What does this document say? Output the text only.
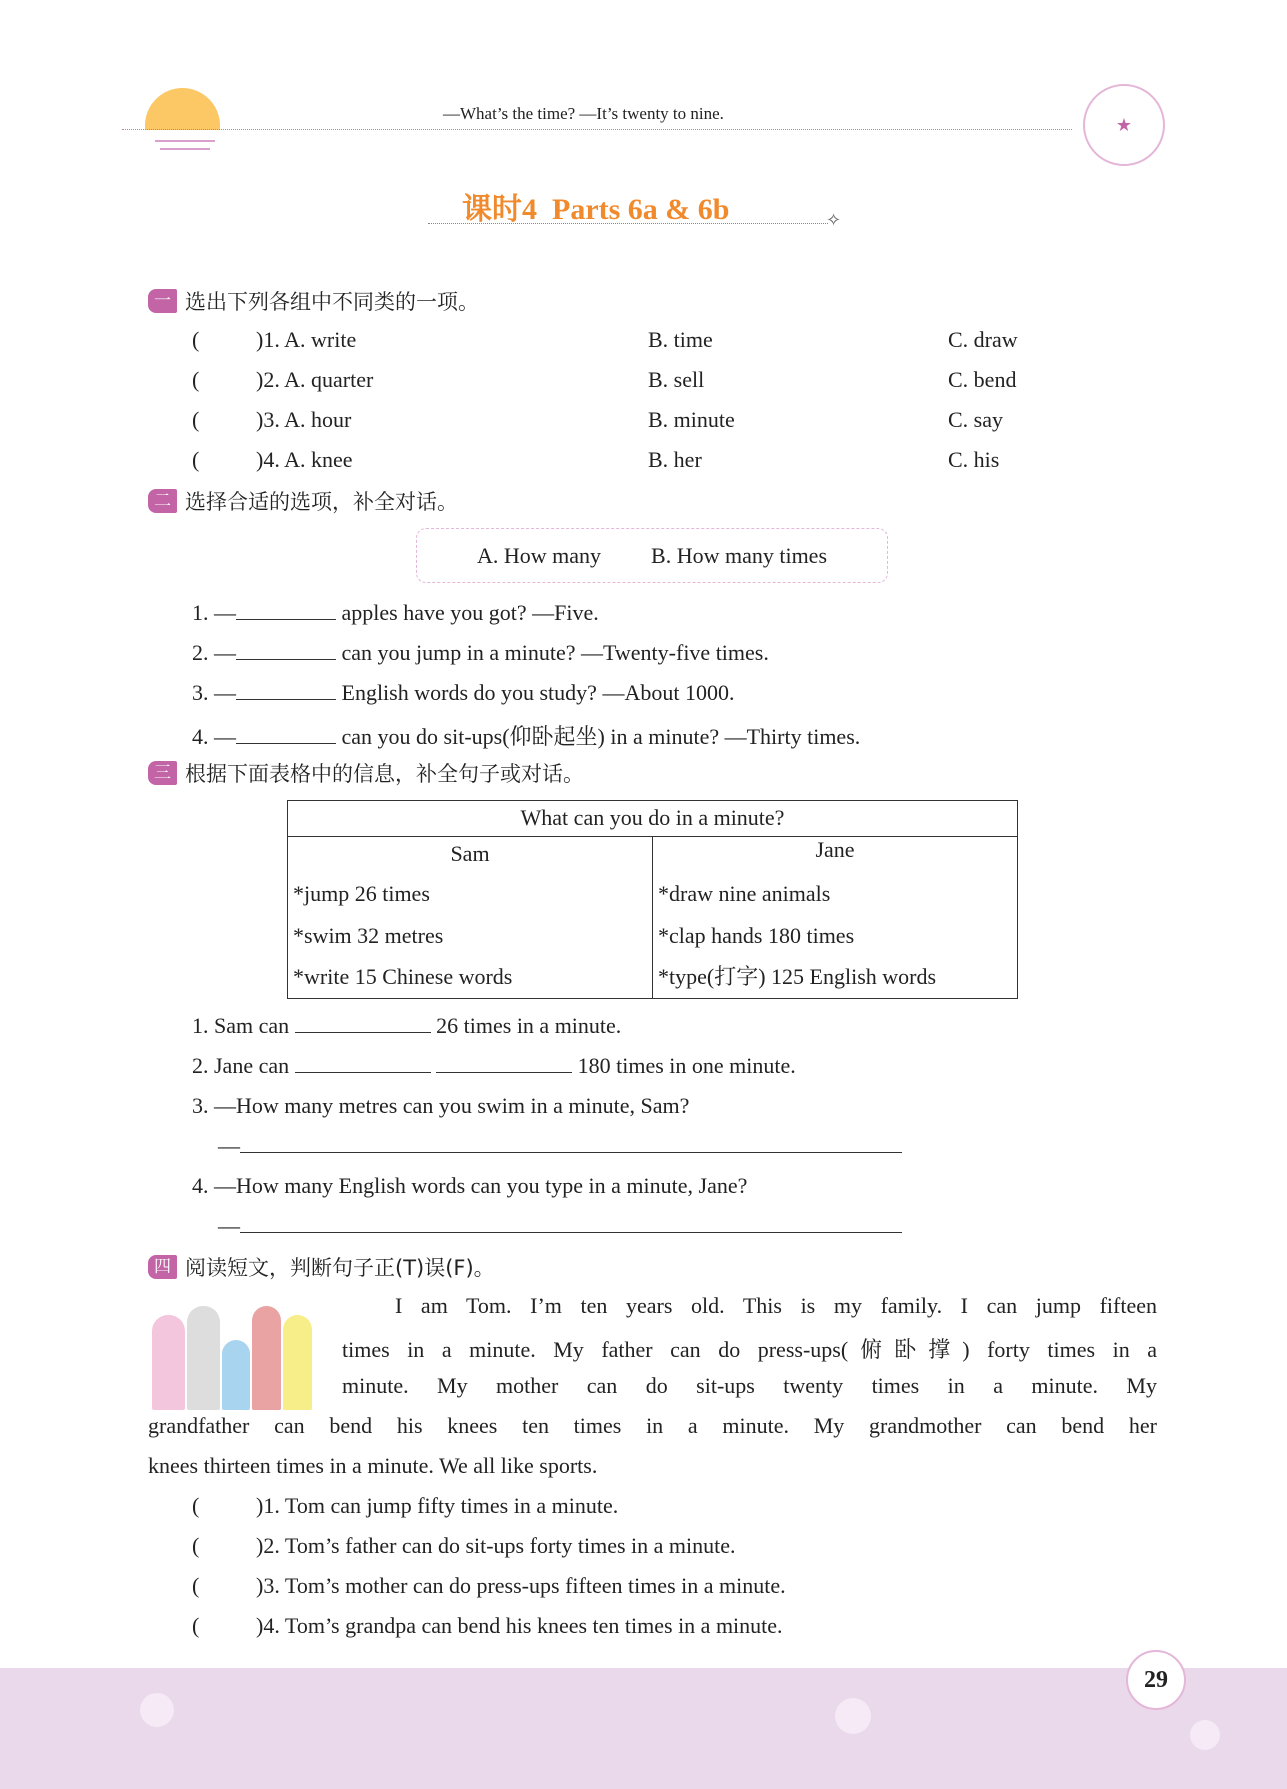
—What’s the time? —It’s twenty to nine.
★
课时4  Parts 6a & 6b	✧
一 选出下列各组中不同类的一项。
(	)1. A. write	B. time	C. draw
(	)2. A. quarter	B. sell	C. bend
(	)3. A. hour	B. minute	C. say
(	)4. A. knee	B. her	C. his
二 选择合适的选项，补全对话。
A. How many B. How many times
1. —	apples have you got? —Five.
2. —	can you jump in a minute? —Twenty-five times.
3. —	English words do you study? —About 1000.
4. —	can you do sit-ups(仰卧起坐) in a minute? —Thirty times.
三 根据下面表格中的信息，补全句子或对话。
What can you do in a minute?	
Sam	Jane
*jump 26 times	*draw nine animals
*swim 32 metres	*clap hands 180 times
*write 15 Chinese words	*type(打字) 125 English words
1. Sam can	26 times in a minute.
2. Jane can	180 times in one minute.
3. —How many metres can you swim in a minute, Sam?
—
4. —How many English words can you type in a minute, Jane?
—
四 阅读短文，判断句子正(T)误(F)。
I am Tom. I’m ten years old. This is my family. I can jump fifteen
times in a minute. My father can do press-ups(俯卧撑) forty times in a
minute. My mother can do sit-ups twenty times in a minute. My
grandfather can bend his knees ten times in a minute. My grandmother can bend her
knees thirteen times in a minute. We all like sports.
(	)1. Tom can jump fifty times in a minute.
(	)2. Tom’s father can do sit-ups forty times in a minute.
(	)3. Tom’s mother can do press-ups fifteen times in a minute.
(	)4. Tom’s grandpa can bend his knees ten times in a minute.
29
